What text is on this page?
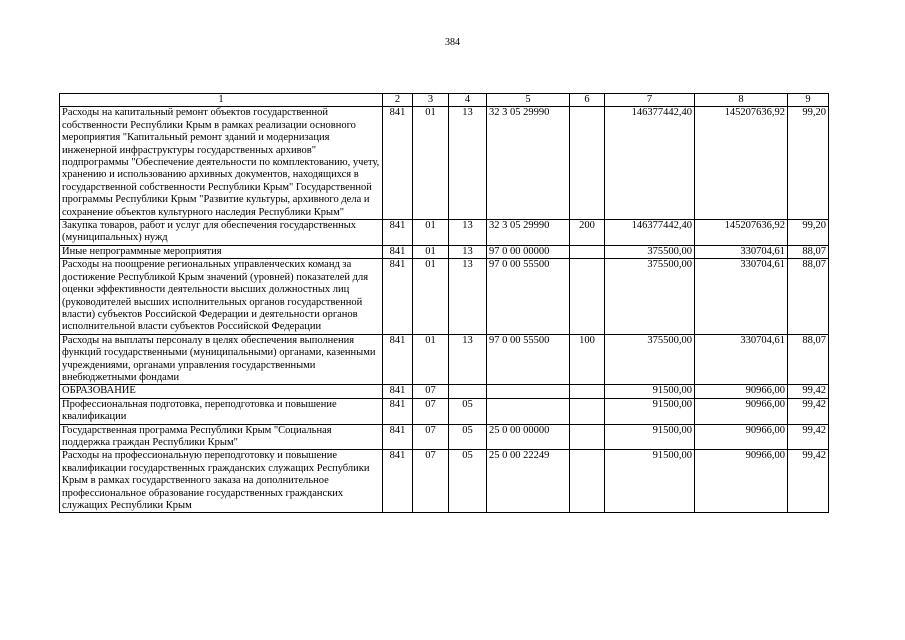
384
1	2	3	4	5	6	7	8	9
Расходы на капитальный ремонт объектов государственной собственности Республики Крым в рамках реализации основного мероприятия "Капитальный ремонт зданий и модернизация инженерной инфраструктуры государственных архивов" подпрограммы "Обеспечение деятельности по комплектованию, учету, хранению и использованию архивных документов, находящихся в государственной собственности Республики Крым" Государственной программы Республики Крым "Развитие культуры, архивного дела и сохранение объектов культурного наследия Республики Крым"	841	01	13	32 3 05 29990		146377442,40	145207636,92	99,20
Закупка товаров, работ и услуг для обеспечения государственных (муниципальных) нужд	841	01	13	32 3 05 29990	200	146377442,40	145207636,92	99,20
Иные непрограммные мероприятия	841	01	13	97 0 00 00000		375500,00	330704,61	88,07
Расходы на поощрение региональных управленческих команд за достижение Республикой Крым значений (уровней) показателей для оценки эффективности деятельности высших должностных лиц (руководителей высших исполнительных органов государственной власти) субъектов Российской Федерации и деятельности органов исполнительной власти субъектов Российской Федерации	841	01	13	97 0 00 55500		375500,00	330704,61	88,07
Расходы на выплаты персоналу в целях обеспечения выполнения функций государственными (муниципальными) органами, казенными учреждениями, органами управления государственными внебюджетными фондами	841	01	13	97 0 00 55500	100	375500,00	330704,61	88,07
ОБРАЗОВАНИЕ	841	07				91500,00	90966,00	99,42
Профессиональная подготовка, переподготовка и повышение квалификации	841	07	05			91500,00	90966,00	99,42
Государственная программа Республики Крым "Социальная поддержка граждан Республики Крым"	841	07	05	25 0 00 00000		91500,00	90966,00	99,42
Расходы на профессиональную переподготовку и повышение квалификации государственных гражданских служащих Республики Крым в рамках государственного заказа на дополнительное профессиональное образование государственных гражданских служащих Республики Крым	841	07	05	25 0 00 22249		91500,00	90966,00	99,42
